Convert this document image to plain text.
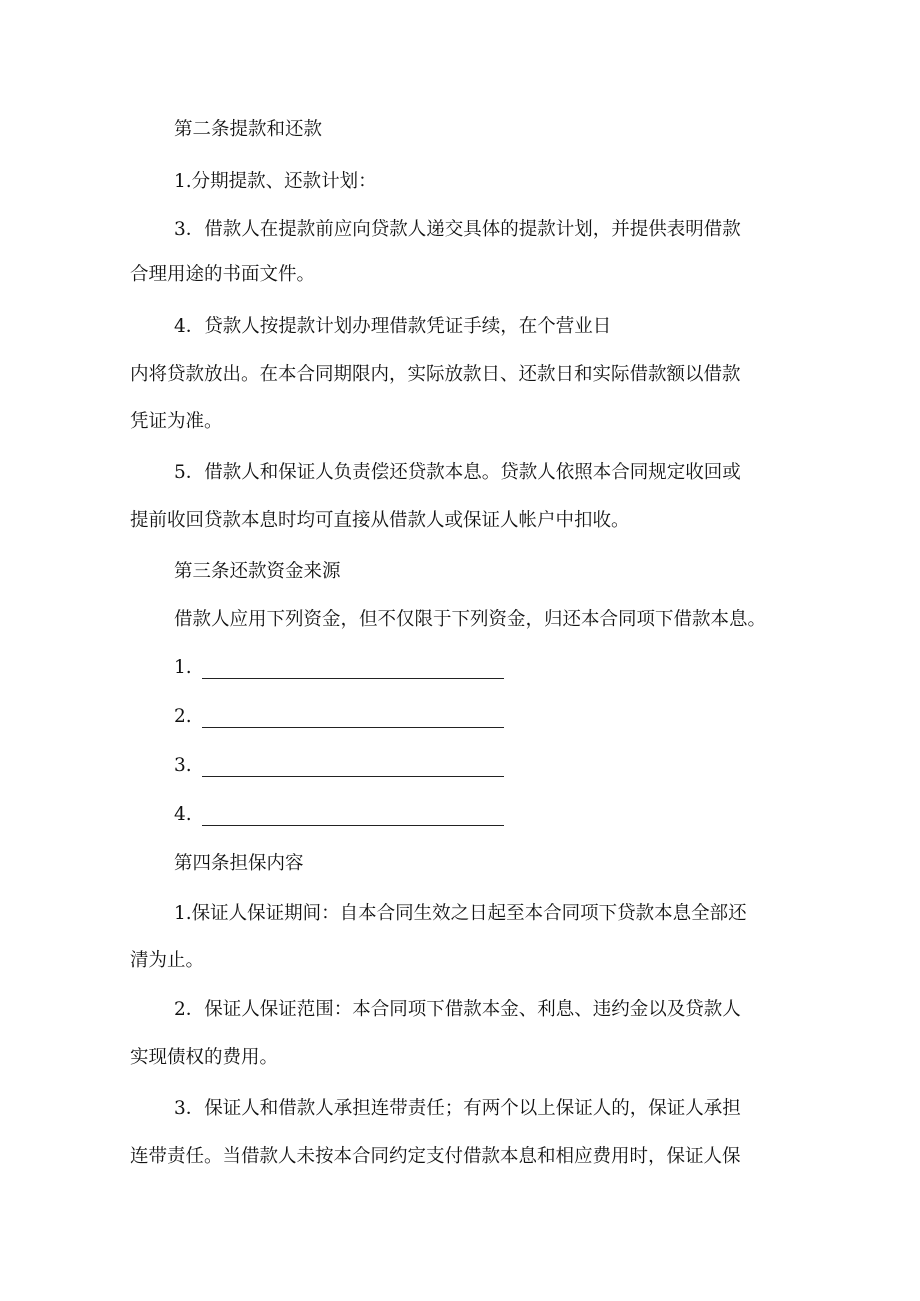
第二条提款和还款
1.分期提款、还款计划：
3．借款人在提款前应向贷款人递交具体的提款计划，并提供表明借款
合理用途的书面文件。
4．贷款人按提款计划办理借款凭证手续，在个营业日
内将贷款放出。在本合同期限内，实际放款日、还款日和实际借款额以借款
凭证为准。
5．借款人和保证人负责偿还贷款本息。贷款人依照本合同规定收回或
提前收回贷款本息时均可直接从借款人或保证人帐户中扣收。
第三条还款资金来源
借款人应用下列资金，但不仅限于下列资金，归还本合同项下借款本息。
1.
2.
3.
4.
第四条担保内容
1.保证人保证期间：自本合同生效之日起至本合同项下贷款本息全部还
清为止。
2．保证人保证范围：本合同项下借款本金、利息、违约金以及贷款人
实现债权的费用。
3．保证人和借款人承担连带责任；有两个以上保证人的，保证人承担
连带责任。当借款人未按本合同约定支付借款本息和相应费用时，保证人保
